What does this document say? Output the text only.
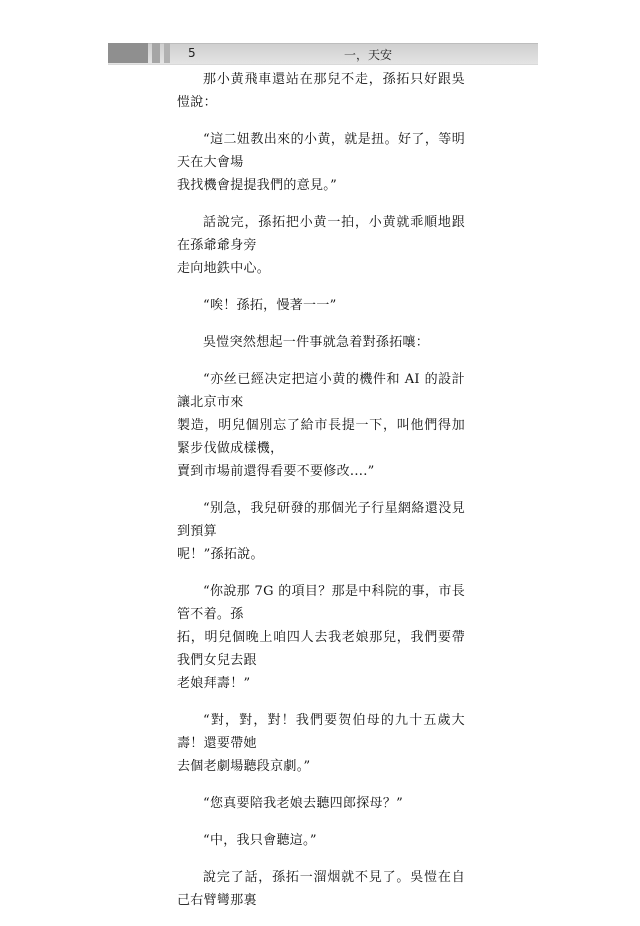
5	一，天安

那小黄飛車還站在那兒不走，孫拓只好跟吳愷說：

“這二妞教出來的小黄，就是扭。好了，等明天在大會場
我找機會提提我們的意見。”

話說完，孫拓把小黄一拍，小黄就乖順地跟在孫爺爺身旁
走向地鉄中心。

“唉！孫拓，慢著一一”

吳愷突然想起一件事就急着對孫拓嚷：

“亦丝已經决定把這小黄的機件和 AI 的設計讓北京市來
製造，明兒個別忘了給市長提一下，叫他們得加緊步伐做成樣機，
賣到市場前還得看要不要修改....”

“别急，我兒研發的那個光子行星網絡還没見到預算
呢！”孫拓說。

“你說那 7G 的項目？那是中科院的事，市長管不着。孫
拓，明兒個晚上咱四人去我老娘那兒，我們要帶我們女兒去跟
老娘拜壽！”

“對，對，對！我們要贺伯母的九十五歲大壽！還要帶她
去個老劇場聽段京劇。”

“您真要陪我老娘去聽四郎探母？”

“中，我只會聽這。”

說完了話，孫拓一溜烟就不見了。吳愷在自己右臂彎那裏
